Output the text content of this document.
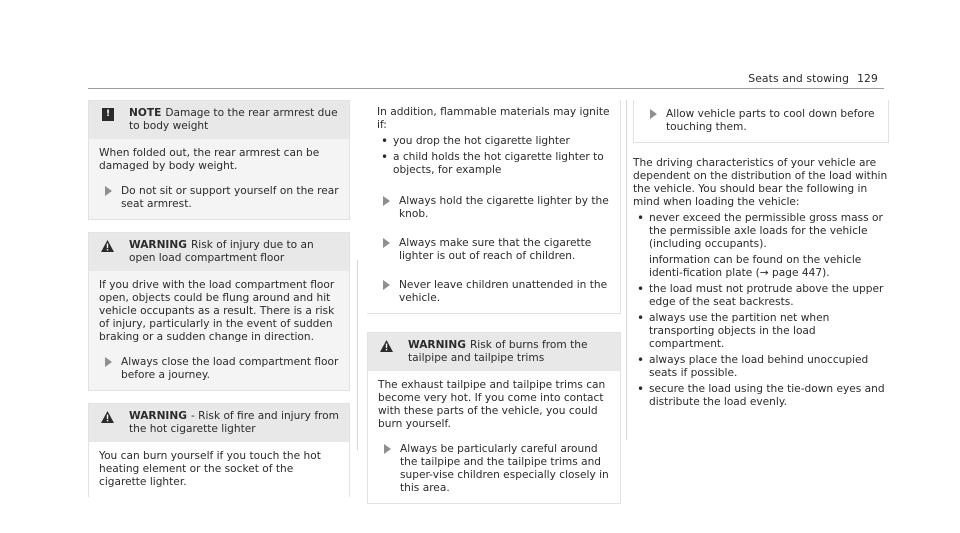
Seats and stowing 129
!	NOTE Damage to the rear armrest due to body weight
When folded out, the rear armrest can be damaged by body weight.
Do not sit or support yourself on the rear seat armrest.
WARNING Risk of injury due to an open load compartment floor
If you drive with the load compartment floor open, objects could be flung around and hit vehicle occupants as a result. There is a risk of injury, particularly in the event of sudden braking or a sudden change in direction.
Always close the load compartment floor before a journey.
WARNING - Risk of fire and injury from the hot cigarette lighter
You can burn yourself if you touch the hot heating element or the socket of the cigarette lighter.
In addition, flammable materials may ignite if:
• you drop the hot cigarette lighter
• a child holds the hot cigarette lighter to objects, for example
Always hold the cigarette lighter by the knob.
Always make sure that the cigarette lighter is out of reach of children.
Never leave children unattended in the vehicle.
WARNING Risk of burns from the tailpipe and tailpipe trims
The exhaust tailpipe and tailpipe trims can become very hot. If you come into contact with these parts of the vehicle, you could burn yourself.
Always be particularly careful around the tailpipe and the tailpipe trims and super-vise children especially closely in this area.
Allow vehicle parts to cool down before touching them.
The driving characteristics of your vehicle are dependent on the distribution of the load within the vehicle. You should bear the following in mind when loading the vehicle:
• never exceed the permissible gross mass or the permissible axle loads for the vehicle (including occupants).
information can be found on the vehicle identi-fication plate (→ page 447).
• the load must not protrude above the upper edge of the seat backrests.
• always use the partition net when transporting objects in the load compartment.
• always place the load behind unoccupied seats if possible.
• secure the load using the tie-down eyes and distribute the load evenly.
